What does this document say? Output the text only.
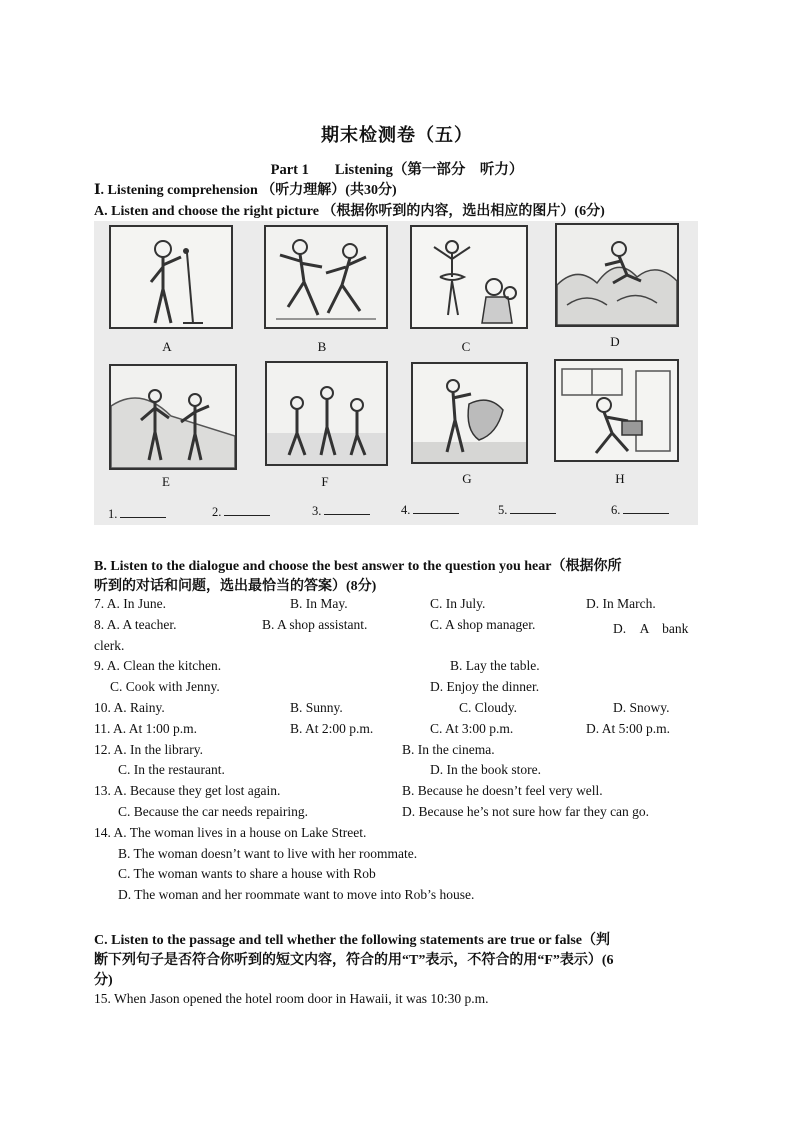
期末检测卷（五）
Part 1 Listening（第一部分　听力）
Ⅰ. Listening comprehension （听力理解）(共30分)
A. Listen and choose the right picture （根据你听到的内容，选出相应的图片）(6分)
A	B	C	D
E	F	G	H
1.	2.	3.	4.	5.	6.
B. Listen to the dialogue and choose the best answer to the question you hear（根据你所
听到的对话和问题，选出最恰当的答案）(8分)
7. A. In June.	B. In May.	C. In July.	D. In March.
8. A. A teacher.	B. A shop assistant.	C. A shop manager.	D.　A　bank
clerk.
9. A. Clean the kitchen.	B. Lay the table.
C. Cook with Jenny.	D. Enjoy the dinner.
10. A. Rainy.	B. Sunny.	C. Cloudy.	D. Snowy.
11. A. At 1:00 p.m.	B. At 2:00 p.m.	C. At 3:00 p.m.	D. At 5:00 p.m.
12. A. In the library.	B. In the cinema.
C. In the restaurant.	D. In the book store.
13. A. Because they get lost again.	B. Because he doesn’t feel very well.
C. Because the car needs repairing.	D. Because he’s not sure how far they can go.
14. A. The woman lives in a house on Lake Street.
B. The woman doesn’t want to live with her roommate.
C. The woman wants to share a house with Rob
D. The woman and her roommate want to move into Rob’s house.
C. Listen to the passage and tell whether the following statements are true or false（判
断下列句子是否符合你听到的短文内容，符合的用“T”表示，不符合的用“F”表示）(6
分)
15. When Jason opened the hotel room door in Hawaii, it was 10:30 p.m.
